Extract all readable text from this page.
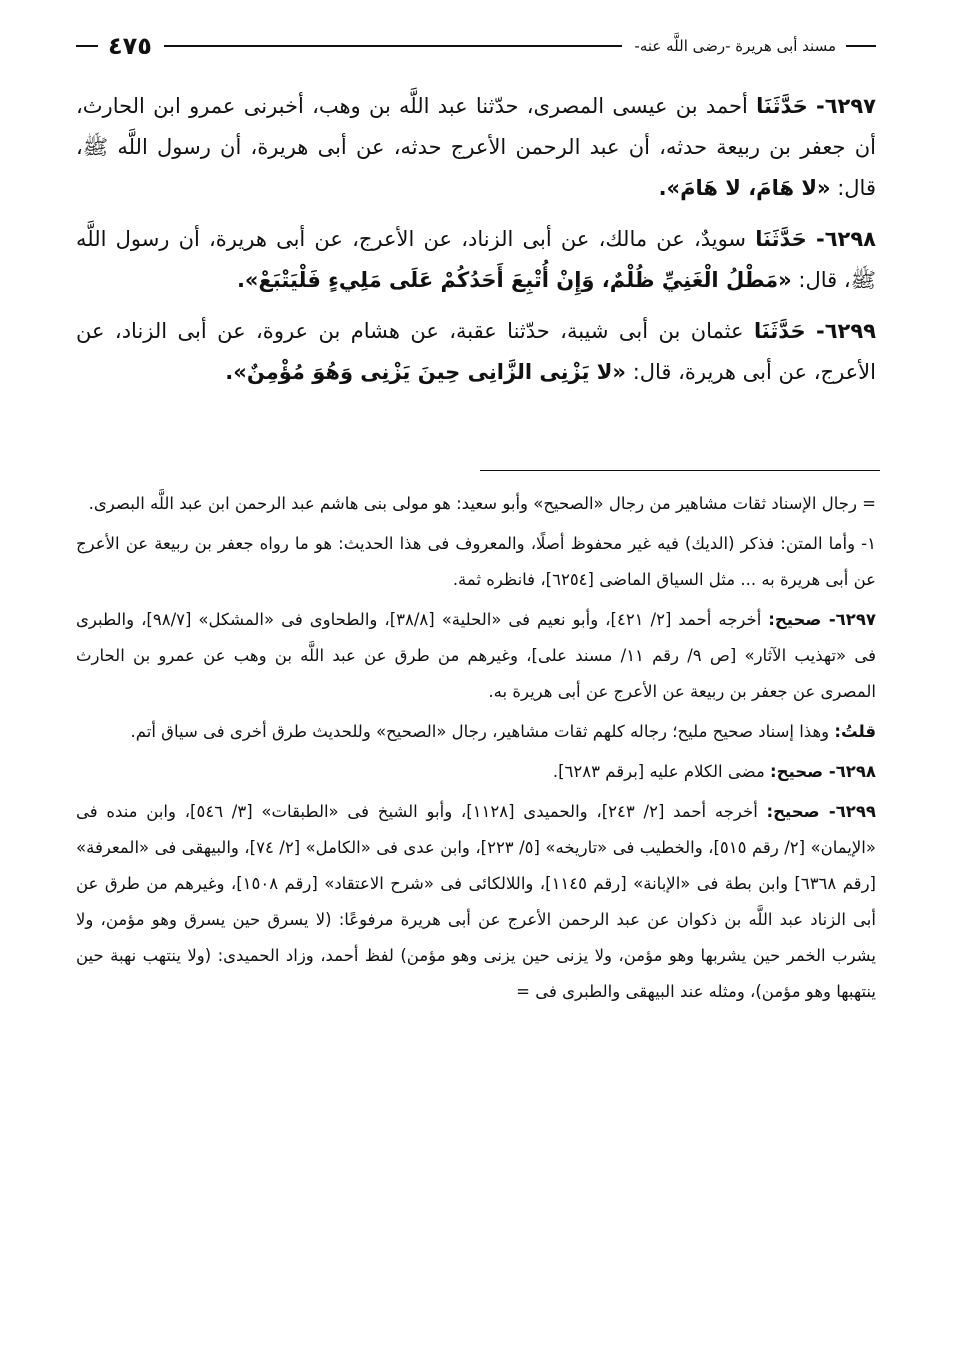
مسند أبى هريرة -رضى اللَّه عنه-
٤٧٥

٦٢٩٧- حَدَّثَنَا أحمد بن عيسى المصرى، حدّثنا عبد اللَّه بن وهب، أخبرنى عمرو ابن الحارث، أن جعفر بن ربيعة حدثه، أن عبد الرحمن الأعرج حدثه، عن أبى هريرة، أن رسول اللَّه ﷺ، قال: «لا هَامَ، لا هَامَ».

٦٢٩٨- حَدَّثَنَا سويدٌ، عن مالك، عن أبى الزناد، عن الأعرج، عن أبى هريرة، أن رسول اللَّه ﷺ، قال: «مَطْلُ الْغَنِيِّ ظُلْمٌ، وَإِنْ أُتْبِعَ أَحَدُكُمْ عَلَى مَلِيءٍ فَلْيَتْبَعْ».

٦٢٩٩- حَدَّثَنَا عثمان بن أبى شيبة، حدّثنا عقبة، عن هشام بن عروة، عن أبى الزناد، عن الأعرج، عن أبى هريرة، قال: «لا يَزْنِى الزَّانِى حِينَ يَزْنِى وَهُوَ مُؤْمِنٌ».

= رجال الإسناد ثقات مشاهير من رجال «الصحيح» وأبو سعيد: هو مولى بنى هاشم عبد الرحمن ابن عبد اللَّه البصرى.

١- وأما المتن: فذكر (الديك) فيه غير محفوظ أصلًا، والمعروف فى هذا الحديث: هو ما رواه جعفر بن ربيعة عن الأعرج عن أبى هريرة به ... مثل السياق الماضى [٦٢٥٤]، فانظره ثمة.

٦٢٩٧- صحيح: أخرجه أحمد [٢/ ٤٢١]، وأبو نعيم فى «الحلية» [٣٨/٨]، والطحاوى فى «المشكل» [٩٨/٧]، والطبرى فى «تهذيب الآثار» [ص ٩/ رقم ١١/ مسند على]، وغيرهم من طرق عن عبد اللَّه بن وهب عن عمرو بن الحارث المصرى عن جعفر بن ربيعة عن الأعرج عن أبى هريرة به.

قلتُ: وهذا إسناد صحيح مليح؛ رجاله كلهم ثقات مشاهير، رجال «الصحيح» وللحديث طرق أخرى فى سياق أتم.

٦٢٩٨- صحيح: مضى الكلام عليه [برقم ٦٢٨٣].

٦٢٩٩- صحيح: أخرجه أحمد [٢/ ٢٤٣]، والحميدى [١١٢٨]، وأبو الشيخ فى «الطبقات» [٣/ ٥٤٦]، وابن منده فى «الإيمان» [٢/ رقم ٥١٥]، والخطيب فى «تاريخه» [٥/ ٢٢٣]، وابن عدى فى «الكامل» [٢/ ٧٤]، والبيهقى فى «المعرفة» [رقم ٦٣٦٨] وابن بطة فى «الإبانة» [رقم ١١٤٥]، واللالكائى فى «شرح الاعتقاد» [رقم ١٥٠٨]، وغيرهم من طرق عن أبى الزناد عبد اللَّه بن ذكوان عن عبد الرحمن الأعرج عن أبى هريرة مرفوعًا: (لا يسرق حين يسرق وهو مؤمن، ولا يشرب الخمر حين يشربها وهو مؤمن، ولا يزنى حين يزنى وهو مؤمن) لفظ أحمد، وزاد الحميدى: (ولا ينتهب نهبة حين ينتهبها وهو مؤمن)، ومثله عند البيهقى والطبرى فى =
